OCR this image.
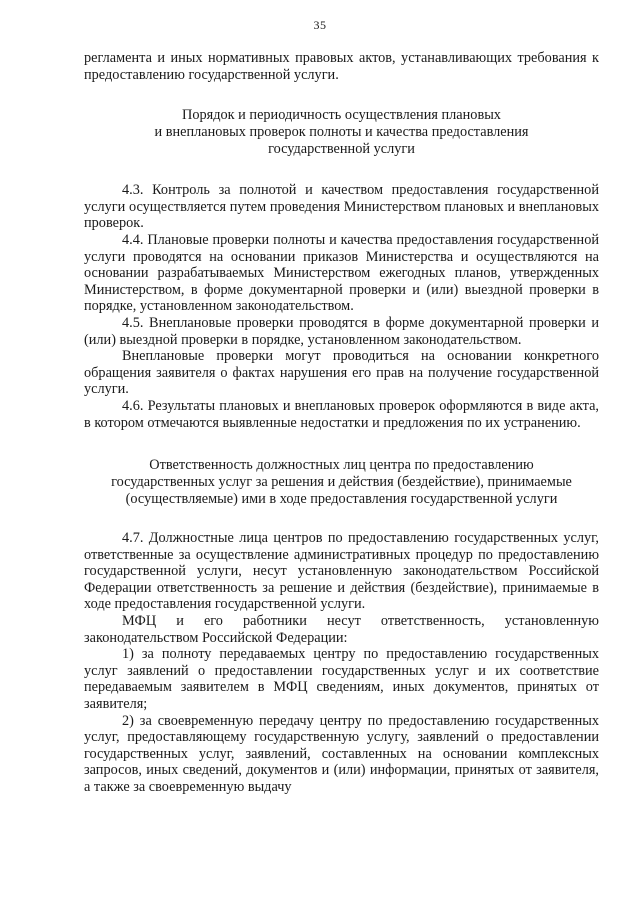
35

регламента и иных нормативных правовых актов, устанавливающих требования к предоставлению государственной услуги.

Порядок и периодичность осуществления плановых
и внеплановых проверок полноты и качества предоставления
государственной услуги

4.3. Контроль за полнотой и качеством предоставления государственной услуги осуществляется путем проведения Министерством плановых и внеплановых проверок.

4.4. Плановые проверки полноты и качества предоставления государственной услуги проводятся на основании приказов Министерства и осуществляются на основании разрабатываемых Министерством ежегодных планов, утвержденных Министерством, в форме документарной проверки и (или) выездной проверки в порядке, установленном законодательством.

4.5. Внеплановые проверки проводятся в форме документарной проверки и (или) выездной проверки в порядке, установленном законодательством.

Внеплановые проверки могут проводиться на основании конкретного обращения заявителя о фактах нарушения его прав на получение государственной услуги.

4.6. Результаты плановых и внеплановых проверок оформляются в виде акта, в котором отмечаются выявленные недостатки и предложения по их устранению.

Ответственность должностных лиц центра по предоставлению
государственных услуг за решения и действия (бездействие), принимаемые
(осуществляемые) ими в ходе предоставления государственной услуги

4.7. Должностные лица центров по предоставлению государственных услуг, ответственные за осуществление административных процедур по предоставлению государственной услуги, несут установленную законодательством Российской Федерации ответственность за решение и действия (бездействие), принимаемые в ходе предоставления государственной услуги.

МФЦ и его работники несут ответственность, установленную законодательством Российской Федерации:

1) за полноту передаваемых центру по предоставлению государственных услуг заявлений о предоставлении государственных услуг и их соответствие передаваемым заявителем в МФЦ сведениям, иных документов, принятых от заявителя;

2) за своевременную передачу центру по предоставлению государственных услуг, предоставляющему государственную услугу, заявлений о предоставлении государственных услуг, заявлений, составленных на основании комплексных запросов, иных сведений, документов и (или) информации, принятых от заявителя, а также за своевременную выдачу
